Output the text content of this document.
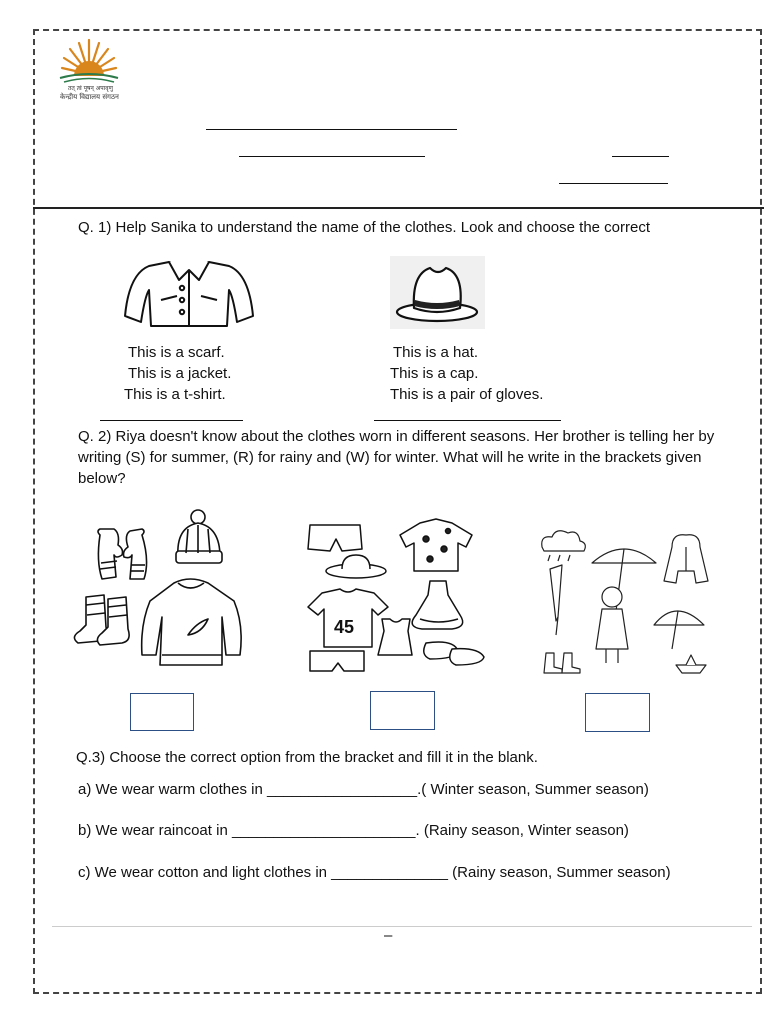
तत् त्वं पूषन् अपावृणु
केन्द्रीय विद्यालय संगठन
Q. 1) Help Sanika to understand the name of the clothes. Look and choose the correct
This is a scarf.
This is a jacket.
This is a t-shirt.
This is a hat.
This is a cap.
This is a pair of gloves.
Q. 2) Riya doesn't know about the clothes worn in different seasons. Her brother is telling her by writing (S) for summer, (R) for rainy and (W) for winter. What will he write in the brackets given below?
45
Q.3) Choose the correct option from the bracket and fill it in the blank.
a) We wear warm clothes in __________________.( Winter season, Summer season)
b) We wear raincoat in ______________________. (Rainy season, Winter season)
c) We wear cotton and light clothes in ______________ (Rainy season, Summer season)
–
